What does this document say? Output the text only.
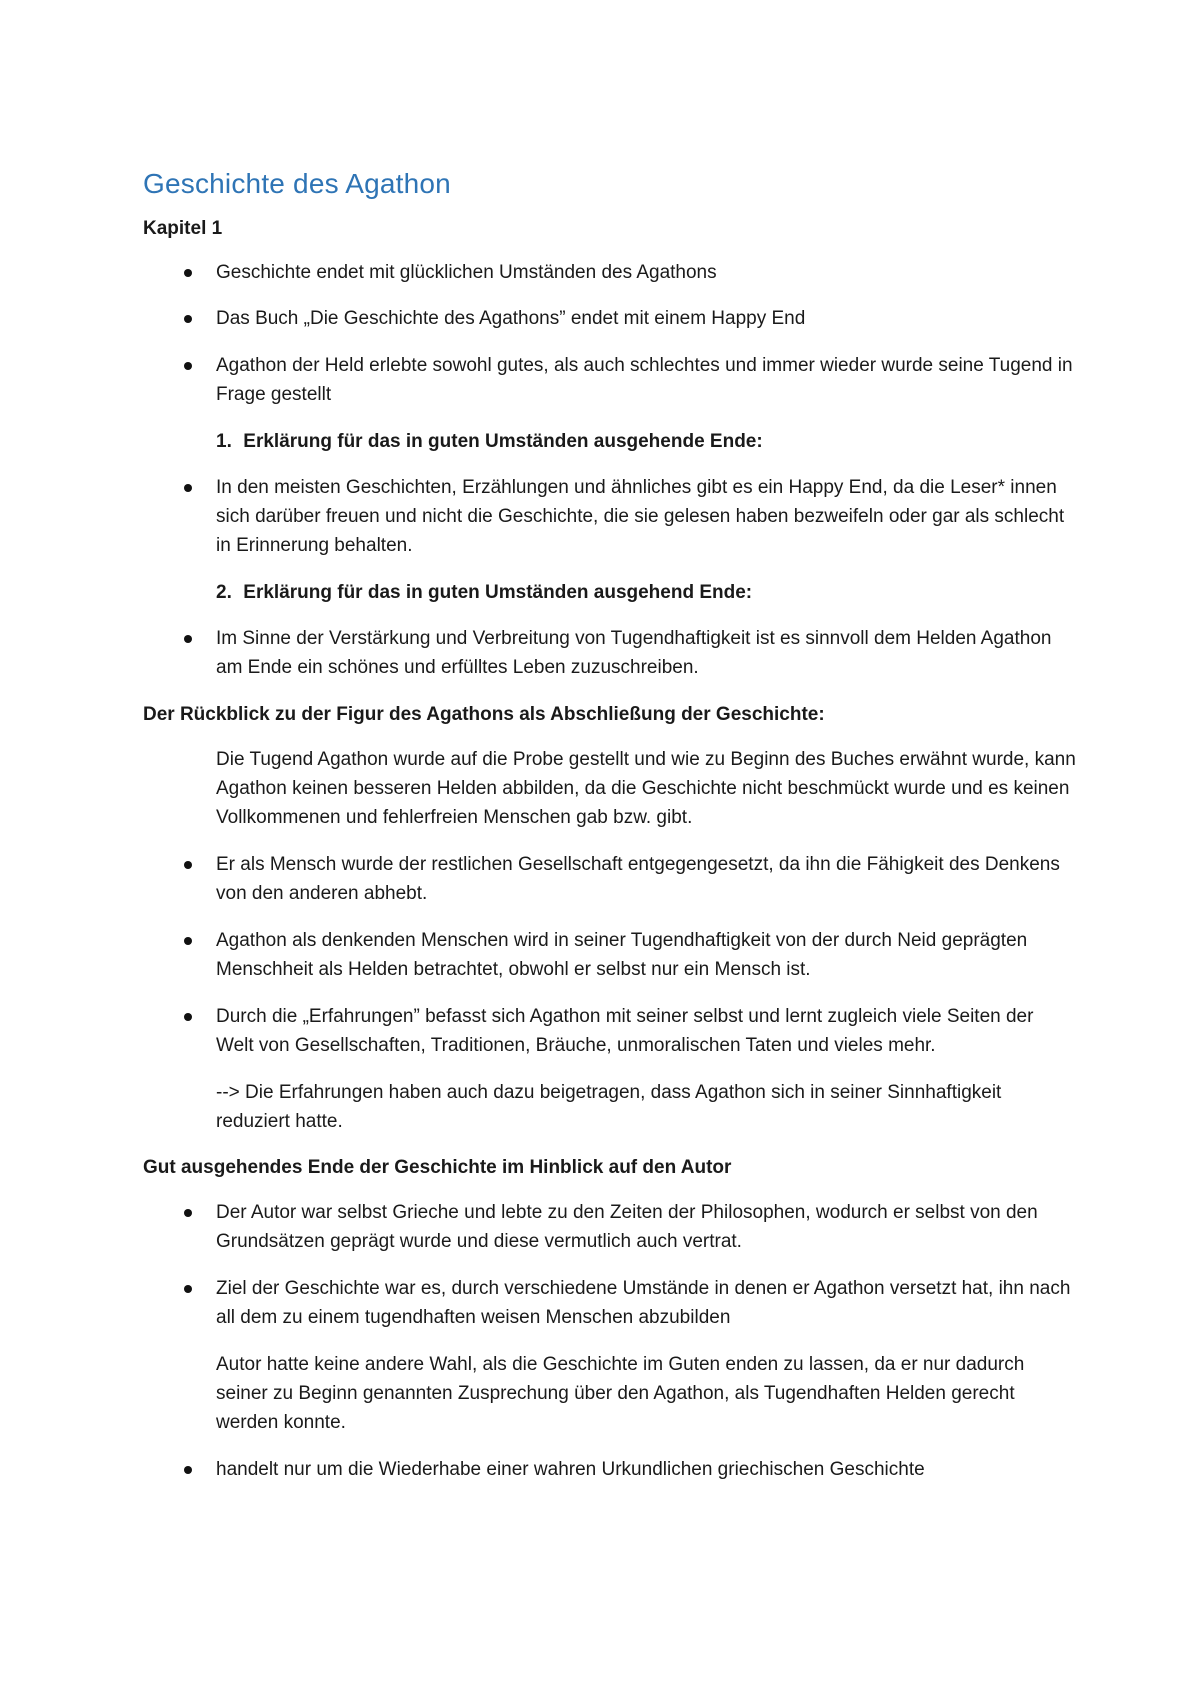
Geschichte des Agathon

Kapitel 1

Geschichte endet mit glücklichen Umständen des Agathons

Das Buch „Die Geschichte des Agathons” endet mit einem Happy End

Agathon der Held erlebte sowohl gutes, als auch schlechtes und immer wieder wurde seine Tugend in Frage gestellt

1. Erklärung für das in guten Umständen ausgehende Ende:

In den meisten Geschichten, Erzählungen und ähnliches gibt es ein Happy End, da die Leser* innen sich darüber freuen und nicht die Geschichte, die sie gelesen haben bezweifeln oder gar als schlecht in Erinnerung behalten.

2. Erklärung für das in guten Umständen ausgehend Ende:

Im Sinne der Verstärkung und Verbreitung von Tugendhaftigkeit ist es sinnvoll dem Helden Agathon am Ende ein schönes und erfülltes Leben zuzuschreiben.

Der Rückblick zu der Figur des Agathons als Abschließung der Geschichte:

Die Tugend Agathon wurde auf die Probe gestellt und wie zu Beginn des Buches erwähnt wurde, kann Agathon keinen besseren Helden abbilden, da die Geschichte nicht beschmückt wurde und es keinen Vollkommenen und fehlerfreien Menschen gab bzw. gibt.

Er als Mensch wurde der restlichen Gesellschaft entgegengesetzt, da ihn die Fähigkeit des Denkens von den anderen abhebt.

Agathon als denkenden Menschen wird in seiner Tugendhaftigkeit von der durch Neid geprägten Menschheit als Helden betrachtet, obwohl er selbst nur ein Mensch ist.

Durch die „Erfahrungen” befasst sich Agathon mit seiner selbst und lernt zugleich viele Seiten der Welt von Gesellschaften, Traditionen, Bräuche, unmoralischen Taten und vieles mehr.

--> Die Erfahrungen haben auch dazu beigetragen, dass Agathon sich in seiner Sinnhaftigkeit reduziert hatte.

Gut ausgehendes Ende der Geschichte im Hinblick auf den Autor

Der Autor war selbst Grieche und lebte zu den Zeiten der Philosophen, wodurch er selbst von den Grundsätzen geprägt wurde und diese vermutlich auch vertrat.

Ziel der Geschichte war es, durch verschiedene Umstände in denen er Agathon versetzt hat, ihn nach all dem zu einem tugendhaften weisen Menschen abzubilden

Autor hatte keine andere Wahl, als die Geschichte im Guten enden zu lassen, da er nur dadurch seiner zu Beginn genannten Zusprechung über den Agathon, als Tugendhaften Helden gerecht werden konnte.

handelt nur um die Wiederhabe einer wahren Urkundlichen griechischen Geschichte
